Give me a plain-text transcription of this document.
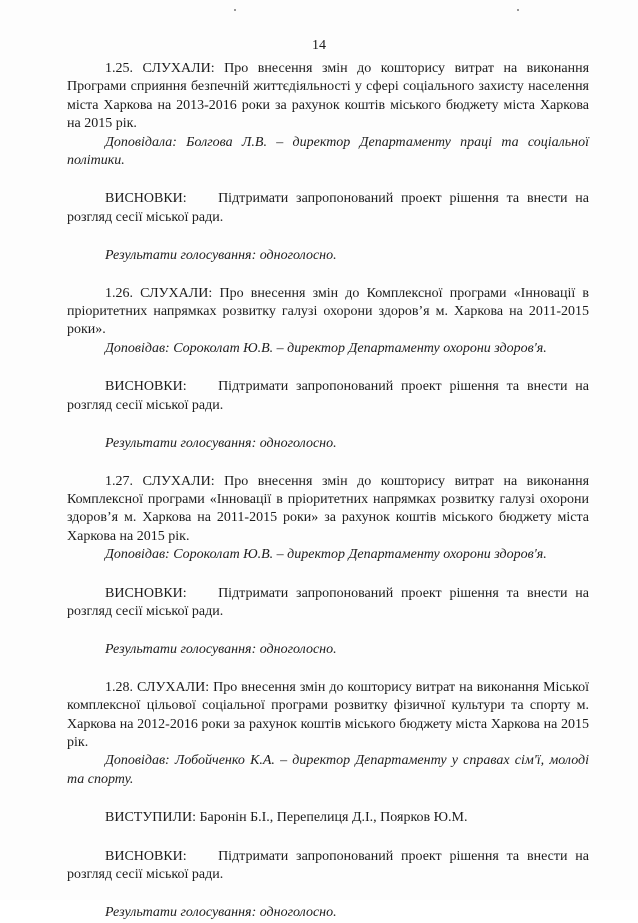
14

1.25. СЛУХАЛИ: Про внесення змін до кошторису витрат на виконання Програми сприяння безпечній життєдіяльності у сфері соціального захисту населення міста Харкова на 2013-2016 роки за рахунок коштів міського бюджету міста Харкова на 2015 рік.

Доповідала: Болгова Л.В. – директор Департаменту праці та соціальної політики.

ВИСНОВКИ: Підтримати запропонований проект рішення та внести на розгляд сесії міської ради.

Результати голосування: одноголосно.

1.26. СЛУХАЛИ: Про внесення змін до Комплексної програми «Інновації в пріоритетних напрямках розвитку галузі охорони здоров’я м. Харкова на 2011-2015 роки».

Доповідав: Сороколат Ю.В. – директор Департаменту охорони здоров'я.

ВИСНОВКИ: Підтримати запропонований проект рішення та внести на розгляд сесії міської ради.

Результати голосування: одноголосно.

1.27. СЛУХАЛИ: Про внесення змін до кошторису витрат на виконання Комплексної програми «Інновації в пріоритетних напрямках розвитку галузі охорони здоров’я м. Харкова на 2011-2015 роки» за рахунок коштів міського бюджету міста Харкова на 2015 рік.

Доповідав: Сороколат Ю.В. – директор Департаменту охорони здоров'я.

ВИСНОВКИ: Підтримати запропонований проект рішення та внести на розгляд сесії міської ради.

Результати голосування: одноголосно.

1.28. СЛУХАЛИ: Про внесення змін до кошторису витрат на виконання Міської комплексної цільової соціальної програми розвитку фізичної культури та спорту м. Харкова на 2012-2016 роки за рахунок коштів міського бюджету міста Харкова на 2015 рік.

Доповідав: Лобойченко К.А. – директор Департаменту у справах сім'ї, молоді та спорту.

ВИСТУПИЛИ: Баронін Б.І., Перепелиця Д.І., Поярков Ю.М.

ВИСНОВКИ: Підтримати запропонований проект рішення та внести на розгляд сесії міської ради.

Результати голосування: одноголосно.
